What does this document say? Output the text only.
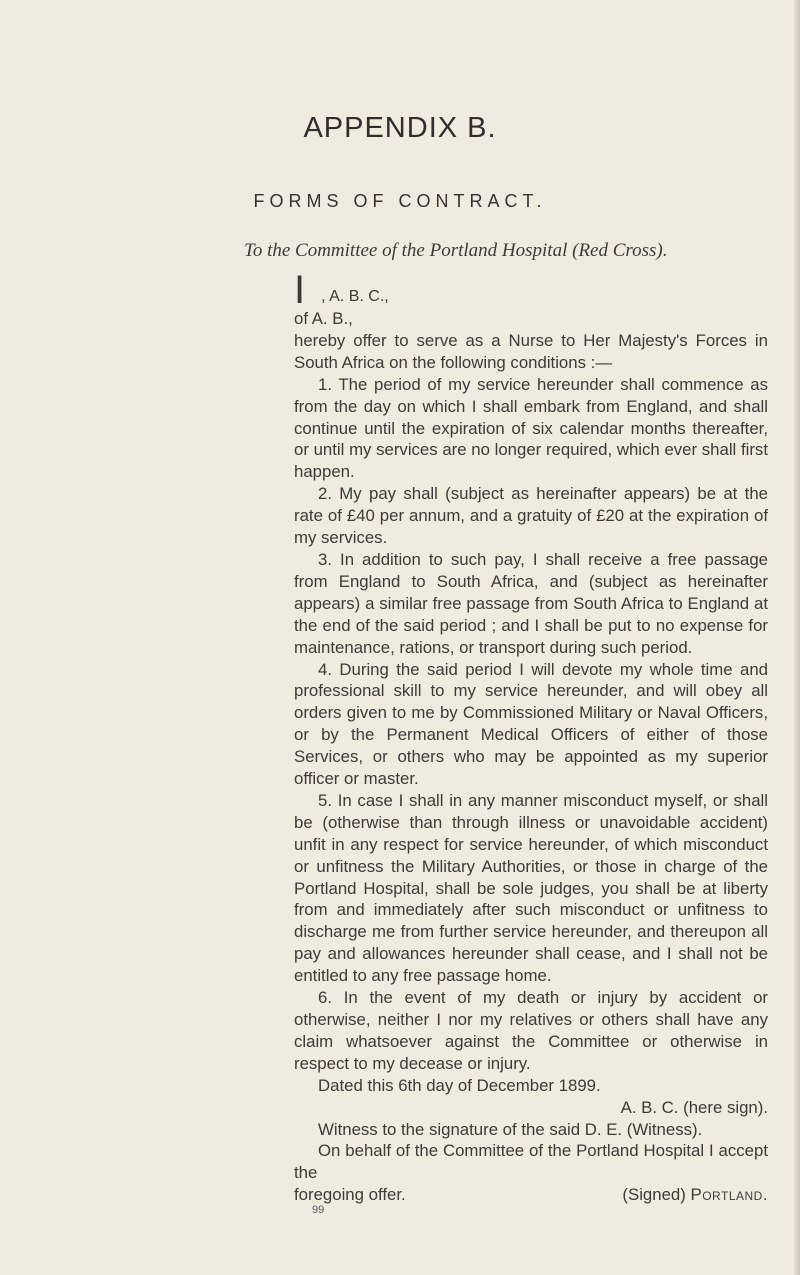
APPENDIX B.
FORMS OF CONTRACT.
To the Committee of the Portland Hospital (Red Cross).
I , A. B. C.,

of A. B.,

hereby offer to serve as a Nurse to Her Majesty's Forces in South Africa on the following conditions :—

1. The period of my service hereunder shall commence as from the day on which I shall embark from England, and shall continue until the expiration of six calendar months thereafter, or until my services are no longer required, which ever shall first happen.

2. My pay shall (subject as hereinafter appears) be at the rate of £40 per annum, and a gratuity of £20 at the expiration of my services.

3. In addition to such pay, I shall receive a free passage from England to South Africa, and (subject as hereinafter appears) a similar free passage from South Africa to England at the end of the said period ; and I shall be put to no expense for maintenance, rations, or transport during such period.

4. During the said period I will devote my whole time and professional skill to my service hereunder, and will obey all orders given to me by Commissioned Military or Naval Officers, or by the Permanent Medical Officers of either of those Services, or others who may be appointed as my superior officer or master.

5. In case I shall in any manner misconduct myself, or shall be (otherwise than through illness or unavoidable accident) unfit in any respect for service hereunder, of which misconduct or unfitness the Military Authorities, or those in charge of the Portland Hospital, shall be sole judges, you shall be at liberty from and immediately after such misconduct or unfitness to discharge me from further service hereunder, and thereupon all pay and allowances hereunder shall cease, and I shall not be entitled to any free passage home.

6. In the event of my death or injury by accident or otherwise, neither I nor my relatives or others shall have any claim whatsoever against the Committee or otherwise in respect to my decease or injury.

Dated this 6th day of December 1899.

A. B. C. (here sign).

Witness to the signature of the said D. E. (Witness).

On behalf of the Committee of the Portland Hospital I accept the

foregoing offer.	(Signed) Portland.

99
